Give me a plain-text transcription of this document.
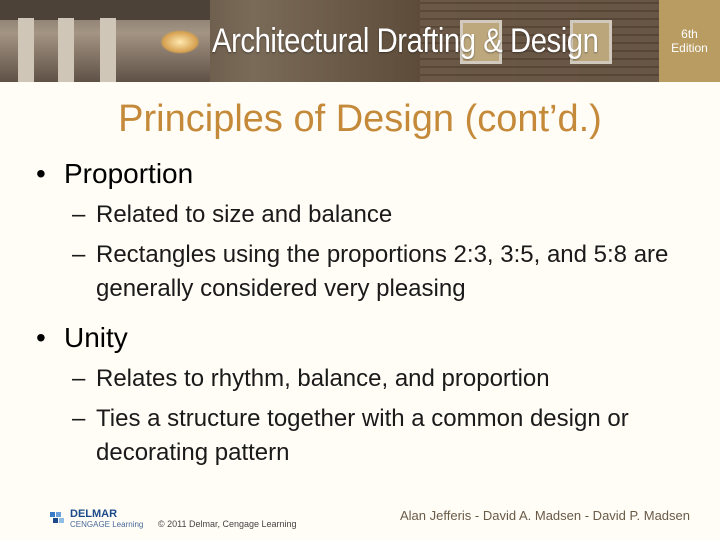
Architectural Drafting & Design	6th
Edition
Principles of Design (cont’d.)

• Proportion

– Related to size and balance

– Rectangles using the proportions 2:3, 3:5, and 5:8 are generally considered very pleasing

• Unity

– Relates to rhythm, balance, and proportion

– Ties a structure together with a common design or decorating pattern

DELMAR
CENGAGE Learning © 2011 Delmar, Cengage Learning
Alan Jefferis - David A. Madsen - David P. Madsen
